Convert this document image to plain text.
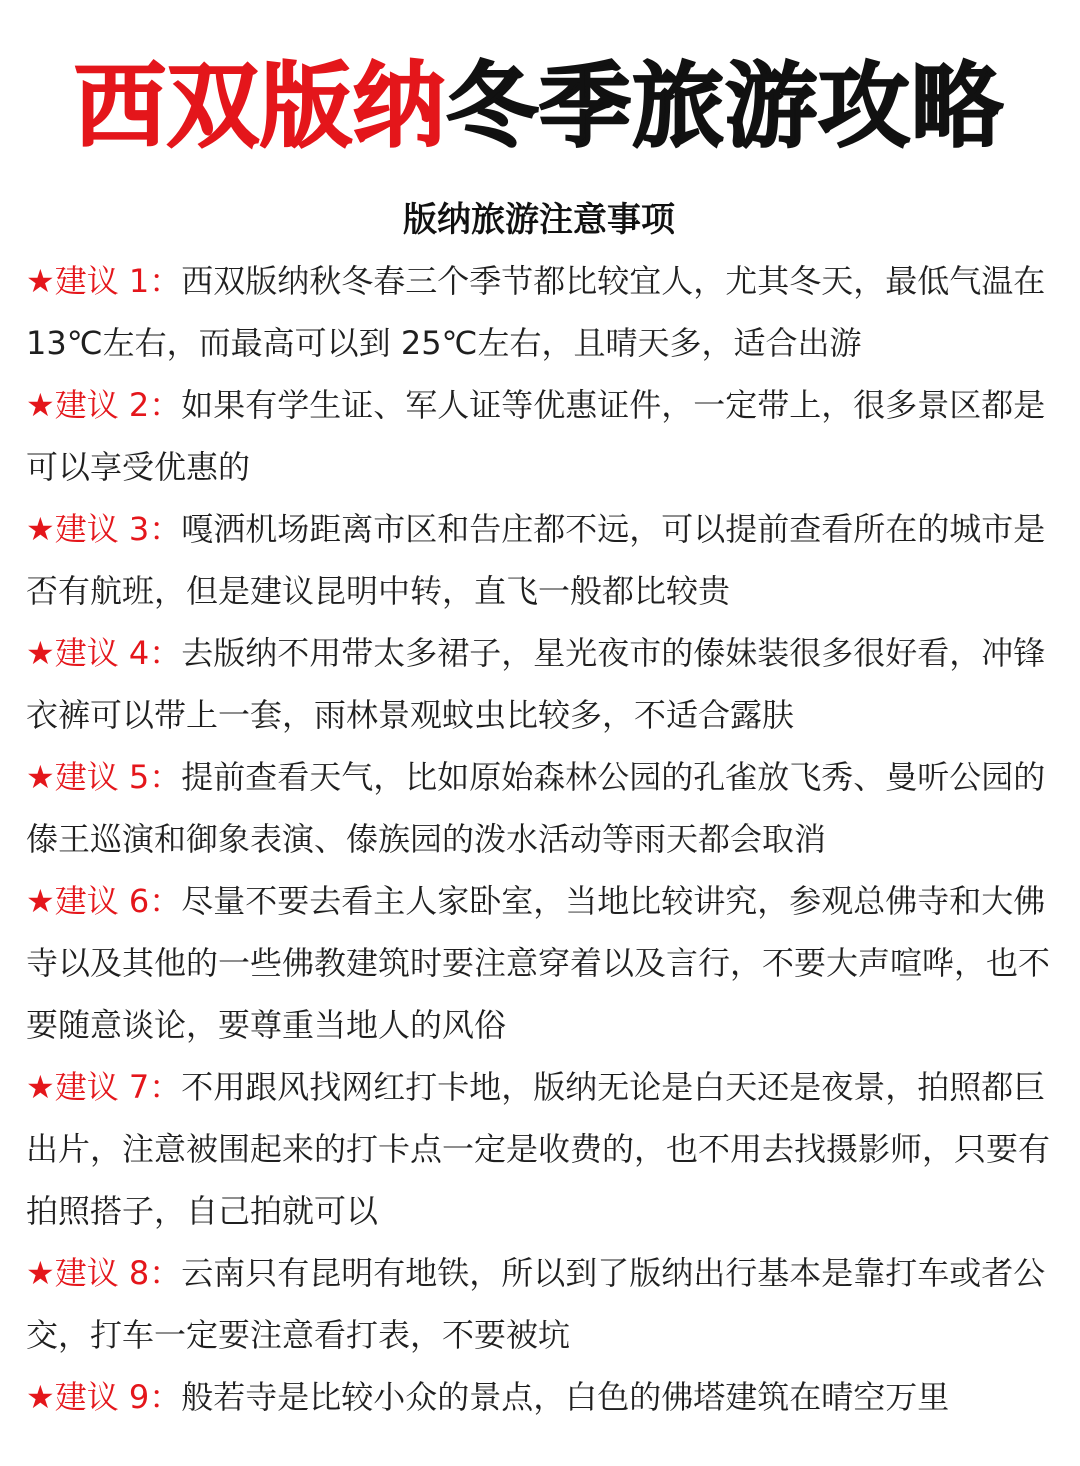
西双版纳冬季旅游攻略
版纳旅游注意事项
★建议 1：西双版纳秋冬春三个季节都比较宜人，尤其冬天，最低气温在 13℃左右，而最高可以到 25℃左右，且晴天多，适合出游
★建议 2：如果有学生证、军人证等优惠证件，一定带上，很多景区都是可以享受优惠的
★建议 3：嘎洒机场距离市区和告庄都不远，可以提前查看所在的城市是否有航班，但是建议昆明中转，直飞一般都比较贵
★建议 4：去版纳不用带太多裙子，星光夜市的傣妹装很多很好看，冲锋衣裤可以带上一套，雨林景观蚊虫比较多，不适合露肤
★建议 5：提前查看天气，比如原始森林公园的孔雀放飞秀、曼听公园的傣王巡演和御象表演、傣族园的泼水活动等雨天都会取消
★建议 6：尽量不要去看主人家卧室，当地比较讲究，参观总佛寺和大佛寺以及其他的一些佛教建筑时要注意穿着以及言行，不要大声喧哗，也不要随意谈论，要尊重当地人的风俗
★建议 7：不用跟风找网红打卡地，版纳无论是白天还是夜景，拍照都巨出片，注意被围起来的打卡点一定是收费的，也不用去找摄影师，只要有拍照搭子，自己拍就可以
★建议 8：云南只有昆明有地铁，所以到了版纳出行基本是靠打车或者公交，打车一定要注意看打表，不要被坑
★建议 9：般若寺是比较小众的景点，白色的佛塔建筑在晴空万里
